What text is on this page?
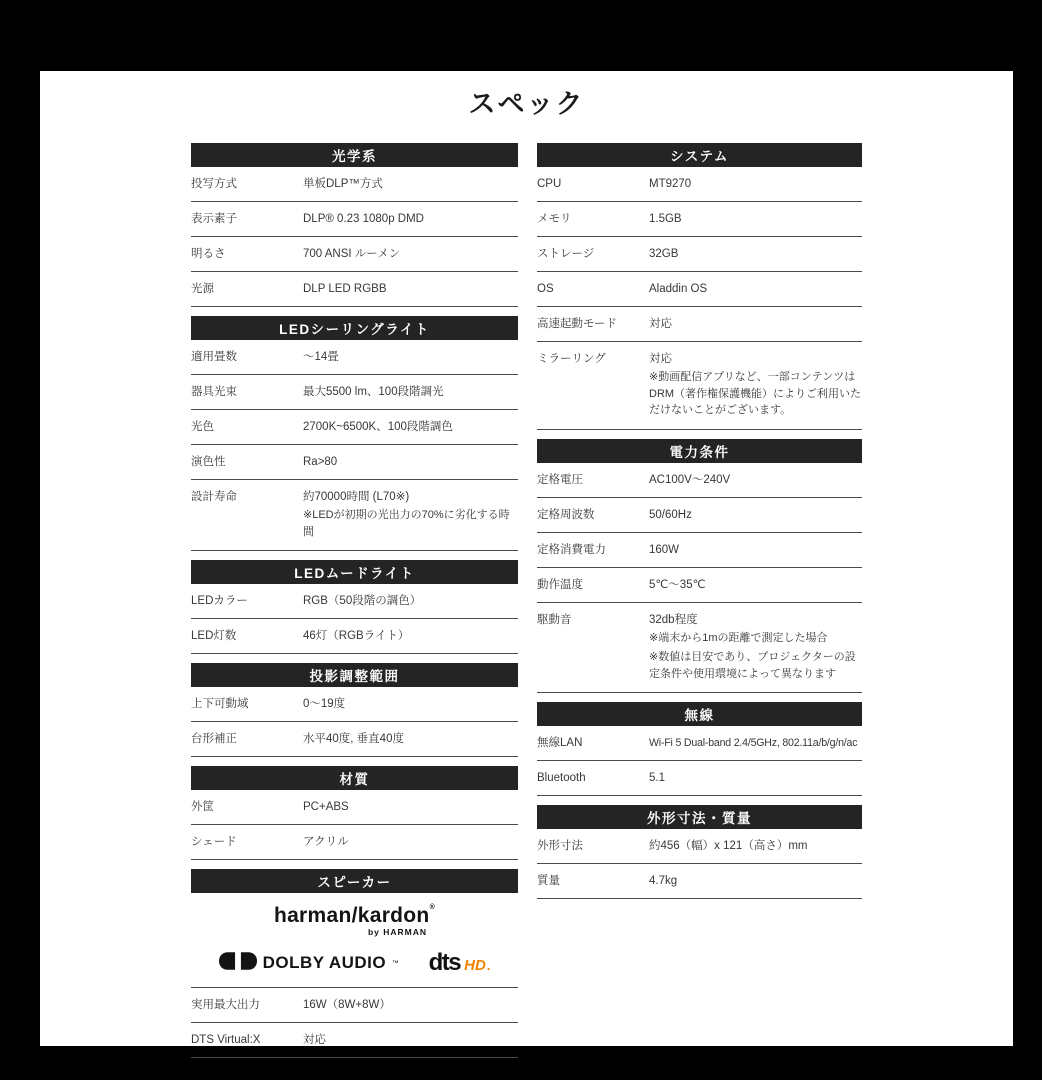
スペック
光学系
投写方式	単板DLP™方式
表示素子	DLP® 0.23 1080p DMD
明るさ	700 ANSI ルーメン
光源	DLP LED RGBB
LEDシーリングライト
適用畳数	～14畳
器具光束	最大5500 lm、100段階調光
光色	2700K~6500K、100段階調色
演色性	Ra>80
設計寿命	約70000時間 (L70※)
※LEDが初期の光出力の70%に劣化する時間
LEDムードライト
LEDカラー	RGB（50段階の調色）
LED灯数	46灯（RGBライト）
投影調整範囲
上下可動域	0～19度
台形補正	水平40度, 垂直40度
材質
外筐	PC+ABS
シェード	アクリル
スピーカー
harman/kardon®
by HARMAN
DOLBY AUDIO ™ dts HD .
実用最大出力	16W（8W+8W）
DTS Virtual:X	対応
システム
CPU	MT9270
メモリ	1.5GB
ストレージ	32GB
OS	Aladdin OS
高速起動モード	対応
ミラーリング	対応
※動画配信アプリなど、一部コンテンツはDRM（著作権保護機能）によりご利用いただけないことがございます。
電力条件
定格電圧	AC100V～240V
定格周波数	50/60Hz
定格消費電力	160W
動作温度	5℃～35℃
駆動音	32db程度
※端末から1mの距離で測定した場合
※数値は目安であり、プロジェクターの設定条件や使用環境によって異なります
無線
無線LAN	Wi-Fi 5 Dual-band 2.4/5GHz, 802.11a/b/g/n/ac
Bluetooth	5.1
外形寸法・質量
外形寸法	約456（幅）x 121（高さ）mm
質量	4.7kg
